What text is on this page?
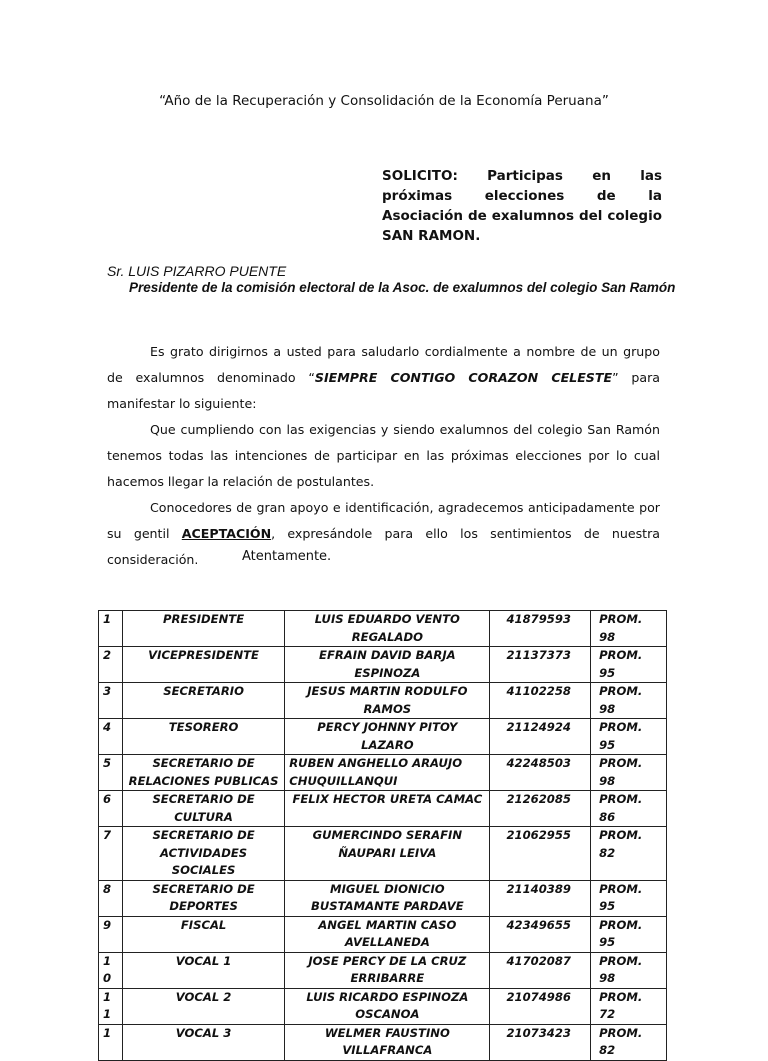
“Año de la Recuperación y Consolidación de la Economía Peruana”
SOLICITO: Participas en las próximas elecciones de la Asociación de exalumnos del colegio SAN RAMON.
Sr. LUIS PIZARRO PUENTE
Presidente de la comisión electoral de la Asoc. de exalumnos del colegio San Ramón

Es grato dirigirnos a usted para saludarlo cordialmente a nombre de un grupo de exalumnos denominado “SIEMPRE CONTIGO CORAZON CELESTE” para manifestar lo siguiente:

Que cumpliendo con las exigencias y siendo exalumnos del colegio San Ramón tenemos todas las intenciones de participar en las próximas elecciones por lo cual hacemos llegar la relación de postulantes.

Conocedores de gran apoyo e identificación, agradecemos anticipadamente por su gentil ACEPTACIÓN, expresándole para ello los sentimientos de nuestra consideración.	Atentamente.
1	PRESIDENTE	LUIS EDUARDO VENTO REGALADO	41879593	PROM. 98
2	VICEPRESIDENTE	EFRAIN DAVID BARJA ESPINOZA	21137373	PROM. 95
3	SECRETARIO	JESUS MARTIN RODULFO RAMOS	41102258	PROM. 98
4	TESORERO	PERCY JOHNNY PITOY LAZARO	21124924	PROM. 95
5	SECRETARIO DE RELACIONES PUBLICAS	RUBEN ANGHELLO ARAUJO CHUQUILLANQUI	42248503	PROM. 98
6	SECRETARIO DE CULTURA	FELIX HECTOR URETA CAMAC	21262085	PROM. 86
7	SECRETARIO DE ACTIVIDADES SOCIALES	GUMERCINDO SERAFIN ÑAUPARI LEIVA	21062955	PROM. 82
8	SECRETARIO DE DEPORTES	MIGUEL DIONICIO BUSTAMANTE PARDAVE	21140389	PROM. 95
9	FISCAL	ANGEL MARTIN CASO AVELLANEDA	42349655	PROM. 95
10	VOCAL 1	JOSE PERCY DE LA CRUZ ERRIBARRE	41702087	PROM. 98
11	VOCAL 2	LUIS RICARDO ESPINOZA OSCANOA	21074986	PROM. 72
1	VOCAL 3	WELMER FAUSTINO VILLAFRANCA	21073423	PROM. 82
